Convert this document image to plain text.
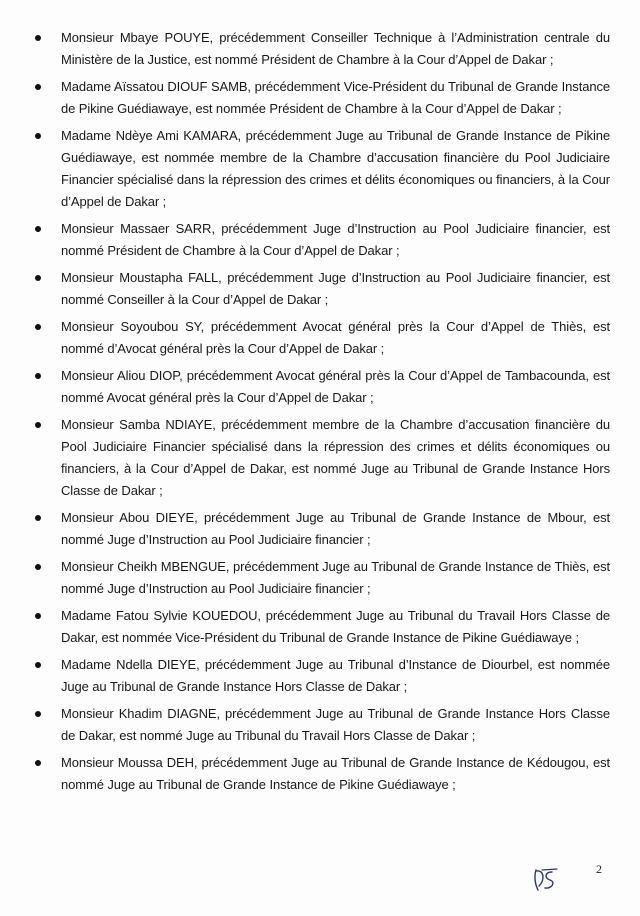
Monsieur Mbaye POUYE, précédemment Conseiller Technique à l’Administration centrale du Ministère de la Justice, est nommé Président de Chambre à la Cour d’Appel de Dakar ;
Madame Aïssatou DIOUF SAMB, précédemment Vice-Président du Tribunal de Grande Instance de Pikine Guédiawaye, est nommée Président de Chambre à la Cour d’Appel de Dakar ;
Madame Ndèye Ami KAMARA, précédemment Juge au Tribunal de Grande Instance de Pikine Guédiawaye, est nommée membre de la Chambre d’accusation financière du Pool Judiciaire Financier spécialisé dans la répression des crimes et délits économiques ou financiers, à la Cour d’Appel de Dakar ;
Monsieur Massaer SARR, précédemment Juge d’Instruction au Pool Judiciaire financier, est nommé Président de Chambre à la Cour d’Appel de Dakar ;
Monsieur Moustapha FALL, précédemment Juge d’Instruction au Pool Judiciaire financier, est nommé Conseiller à la Cour d’Appel de Dakar ;
Monsieur Soyoubou SY, précédemment Avocat général près la Cour d’Appel de Thiès, est nommé d’Avocat général près la Cour d’Appel de Dakar ;
Monsieur Aliou DIOP, précédemment Avocat général près la Cour d’Appel de Tambacounda, est nommé Avocat général près la Cour d’Appel de Dakar ;
Monsieur Samba NDIAYE, précédemment membre de la Chambre d’accusation financière du Pool Judiciaire Financier spécialisé dans la répression des crimes et délits économiques ou financiers, à la Cour d’Appel de Dakar, est nommé Juge au Tribunal de Grande Instance Hors Classe de Dakar ;
Monsieur Abou DIEYE, précédemment Juge au Tribunal de Grande Instance de Mbour, est nommé Juge d’Instruction au Pool Judiciaire financier ;
Monsieur Cheikh MBENGUE, précédemment Juge au Tribunal de Grande Instance de Thiès, est nommé Juge d’Instruction au Pool Judiciaire financier ;
Madame Fatou Sylvie KOUEDOU, précédemment Juge au Tribunal du Travail Hors Classe de Dakar, est nommée Vice-Président du Tribunal de Grande Instance de Pikine Guédiawaye ;
Madame Ndella DIEYE, précédemment Juge au Tribunal d’Instance de Diourbel, est nommée Juge au Tribunal de Grande Instance Hors Classe de Dakar ;
Monsieur Khadim DIAGNE, précédemment Juge au Tribunal de Grande Instance Hors Classe de Dakar, est nommé Juge au Tribunal du Travail Hors Classe de Dakar ;
Monsieur Moussa DEH, précédemment Juge au Tribunal de Grande Instance de Kédougou, est nommé Juge au Tribunal de Grande Instance de Pikine Guédiawaye ;
2
